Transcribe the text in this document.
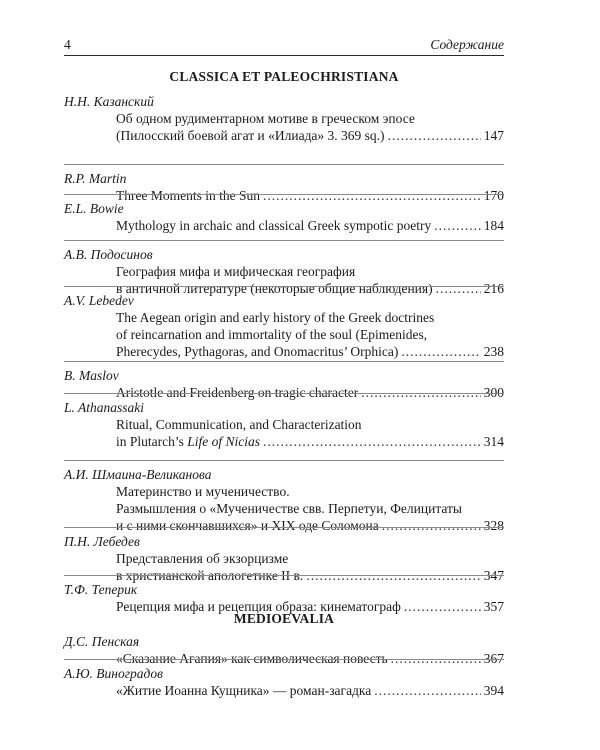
4	Содержание
CLASSICA ET PALEOCHRISTIANA
Н.Н. Казанский
Об одном рудиментарном мотиве в греческом эпосе
(Пилосский боевой агат и «Илиада» 3. 369 sq.) .....	147
R.P. Martin
Three Moments in the Sun .....	170
E.L. Bowie
Mythology in archaic and classical Greek sympotic poetry .....	184
А.В. Подосинов
География мифа и мифическая география
в античной литературе (некоторые общие наблюдения) .....	216
A.V. Lebedev
The Aegean origin and early history of the Greek doctrines
of reincarnation and immortality of the soul (Epimenides,
Pherecydes, Pythagoras, and Onomacritus’ Orphica) .....	238
B. Maslov
Aristotle and Freidenberg on tragic character .....	300
L. Athanassaki
Ritual, Communication, and Characterization
in Plutarch’s Life of Nicias .....	314
А.И. Шмаина-Великанова
Материнство и мученичество.
Размышления о «Мученичестве свв. Перпетуи, Фелицитаты
и с ними скончавшихся» и XIX оде Соломона .....	328
П.Н. Лебедев
Представления об экзорцизме
в христианской апологетике II в. .....	347
Т.Ф. Теперик
Рецепция мифа и рецепция образа: кинематограф .....	357
MEDIOEVALIA
Д.С. Пенская
«Сказание Агапия» как символическая повесть .....	367
А.Ю. Виноградов
«Житие Иоанна Кущника» — роман-загадка .....	394
